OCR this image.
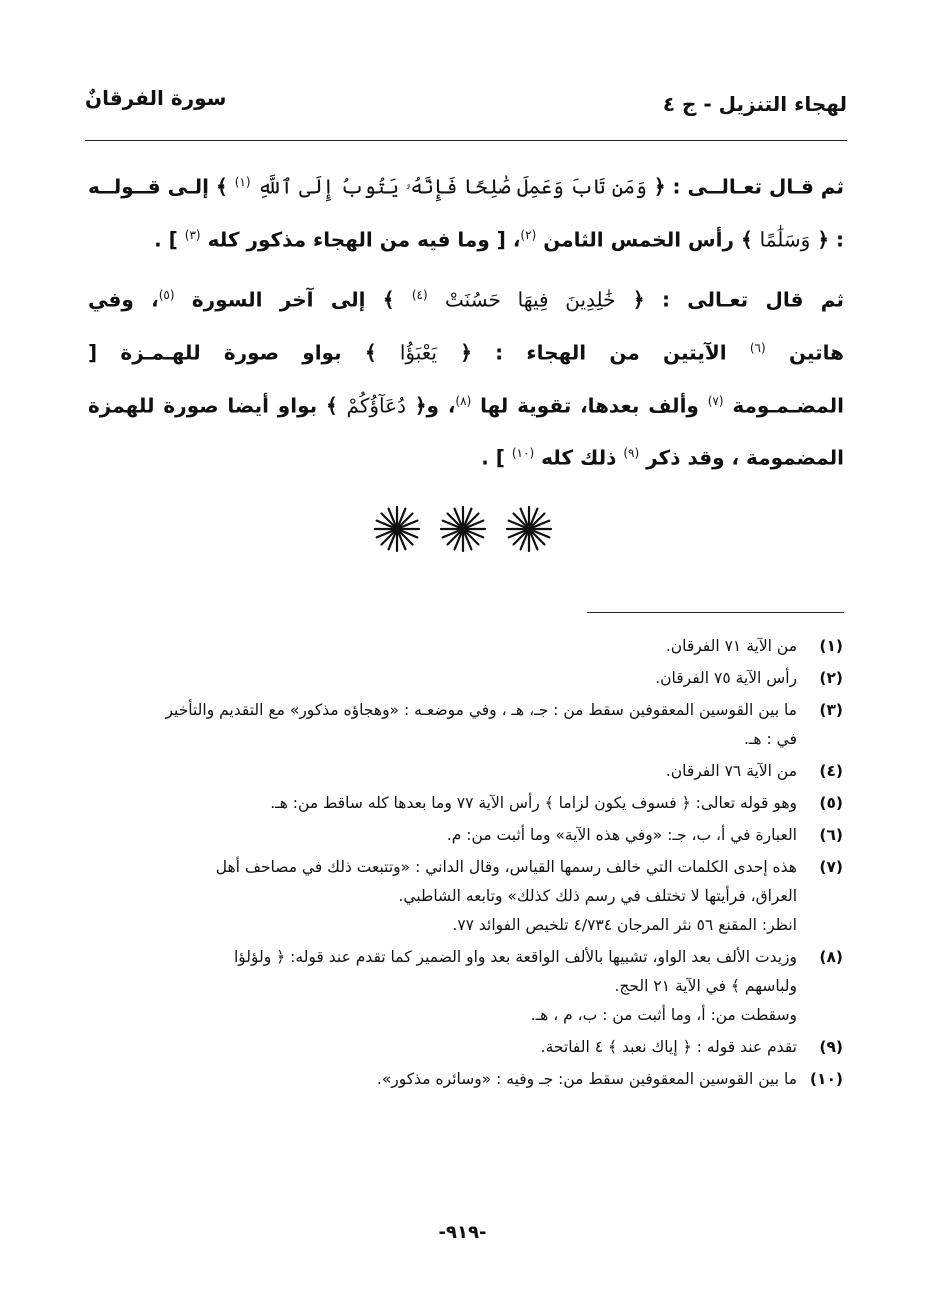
لهجاء التنزيل - ج ٤
سورة الفرقانٌ

ثم قـال تعـالــى : ﴿ وَمَن تَابَ وَعَمِلَ صَٰلِحًا فَإِنَّهُۥ يَتُوبُ إِلَى ٱللَّهِ $^{(١)}$ ﴾ إلـى قــولــه : ﴿ وَسَلَٰمًا ﴾ رأس الخمس الثامن $^{(٢)}$، [ وما فيه من الهجاء مذكور كله $^{(٣)}$ ] .

ثم قال تعـالى : ﴿ خَٰلِدِينَ فِيهَا حَسُنَتْ $^{(٤)}$ ﴾ إلى آخر السورة $^{(٥)}$، وفي هاتين $^{(٦)}$ الآيتين من الهجاء : ﴿ يَعْبَؤُا ﴾ بواو صورة للهـمـزة [ المضـمـومة $^{(٧)}$ وألف بعدها، تقوية لها $^{(٨)}$، و﴿ دُعَآؤُكُمْ ﴾ بواو أيضا صورة للهمزة المضمومة ، وقد ذكر $^{(٩)}$ ذلك كله $^{(١٠)}$ ] .

(١)
من الآية ٧١ الفرقان.
(٢)
رأس الآية ٧٥ الفرقان.
(٣)
ما بين القوسين المعقوفين سقط من : جـ، هـ ، وفي موضعـه : «وهجاؤه مذكور» مع التقديم والتأخير
في : هـ.
(٤)
من الآية ٧٦ الفرقان.
(٥)
وهو قوله تعالى: ﴿ فسوف يكون لزاما ﴾ رأس الآية ٧٧ وما بعدها كله ساقط من: هـ.
(٦)
العبارة في أ، ب، جـ: «وفي هذه الآية» وما أثبت من: م.
(٧)
هذه إحدى الكلمات التي خالف رسمها القياس، وقال الداني : «وتتبعت ذلك في مصاحف أهل
العراق، فرأيتها لا تختلف في رسم ذلك كذلك» وتابعه الشاطبي.
انظر: المقنع ٥٦ نثر المرجان ٤/٧٣٤ تلخيص الفوائد ٧٧.
(٨)
وزيدت الألف بعد الواو، تشبيها بالألف الواقعة بعد واو الضمير كما تقدم عند قوله: ﴿ ولؤلؤا
ولباسهم ﴾ في الآية ٢١ الحج.
وسقطت من: أ، وما أثبت من : ب، م ، هـ.
(٩)
تقدم عند قوله : ﴿ إياك نعبد ﴾ ٤ الفاتحة.
(١٠)
ما بين القوسين المعقوفين سقط من: جـ وفيه : «وسائره مذكور».
-٩١٩-
